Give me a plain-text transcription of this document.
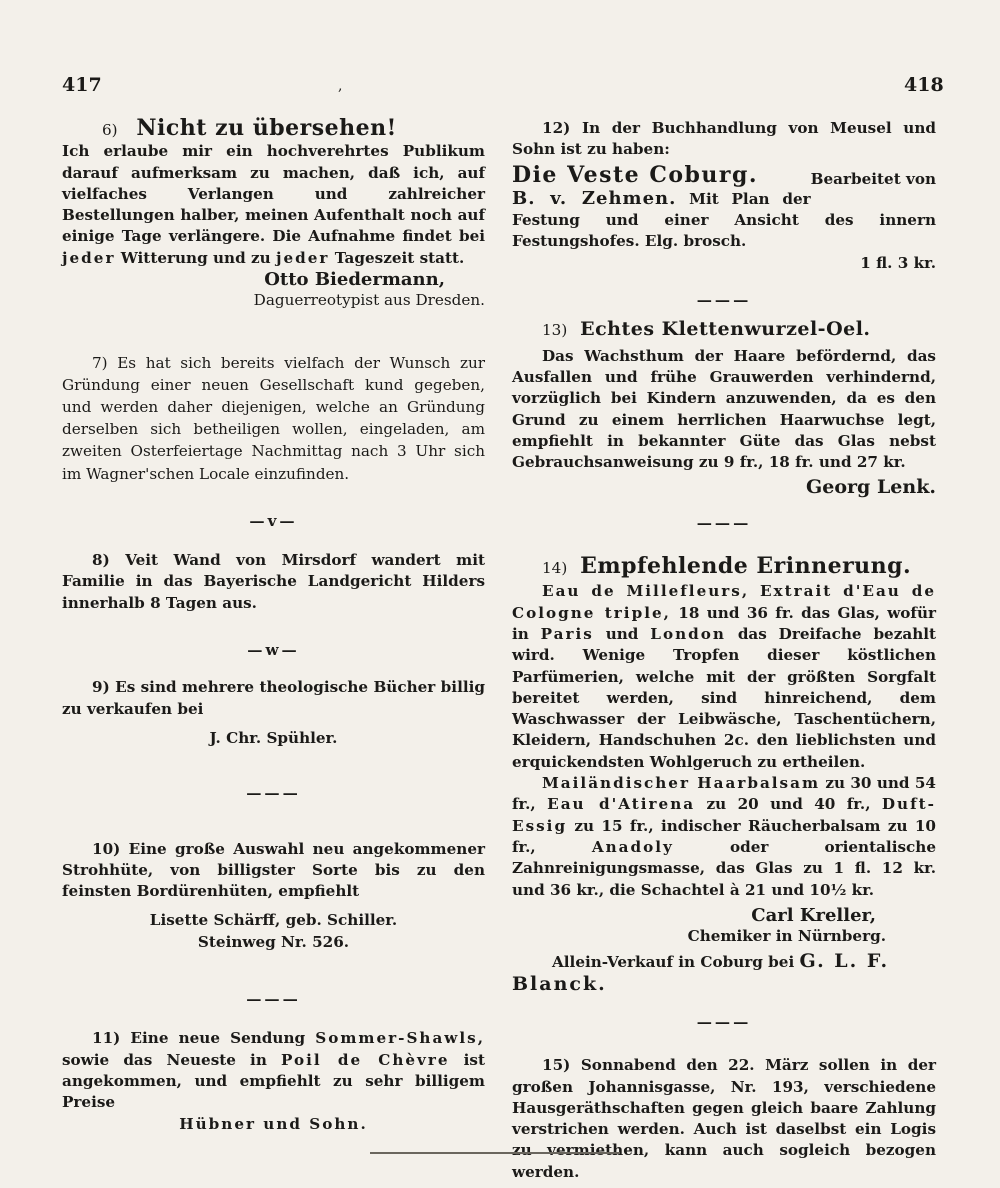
417	,	418

6) Nicht zu übersehen!

Ich erlaube mir ein hochverehrtes Publikum darauf aufmerksam zu machen, daß ich, auf vielfaches Verlangen und zahlreicher Bestellungen halber, meinen Aufenthalt noch auf einige Tage verlängere. Die Aufnahme findet bei jeder Witterung und zu jeder Tageszeit statt.

Otto Biedermann,

Daguerreotypist aus Dresden.

7) Es hat sich bereits vielfach der Wunsch zur Gründung einer neuen Gesellschaft kund gegeben, und werden daher diejenigen, welche an Gründung derselben sich betheiligen wollen, eingeladen, am zweiten Osterfeiertage Nachmittag nach 3 Uhr sich im Wagner'schen Locale einzufinden.

—v—

8) Veit Wand von Mirsdorf wandert mit Familie in das Bayerische Landgericht Hilders innerhalb 8 Tagen aus.

—w—

9) Es sind mehrere theologische Bücher billig zu verkaufen bei

J. Chr. Spühler.

———

10) Eine große Auswahl neu angekommener Strohhüte, von billigster Sorte bis zu den feinsten Bordürenhüten, empfiehlt

Lisette Schärff, geb. Schiller.

Steinweg Nr. 526.

———

11) Eine neue Sendung Sommer-Shawls, sowie das Neueste in Poil de Chèvre ist angekommen, und empfiehlt zu sehr billigem Preise

Hübner und Sohn.

12) In der Buchhandlung von Meusel und Sohn ist zu haben:

Die Veste Coburg.	Bearbeitet von

B. v. Zehmen. Mit Plan der Festung und einer Ansicht des innern Festungshofes. Elg. brosch.

1 fl. 3 kr.

———

13) Echtes Klettenwurzel-Oel.

Das Wachsthum der Haare befördernd, das Ausfallen und frühe Grauwerden verhindernd, vorzüglich bei Kindern anzuwenden, da es den Grund zu einem herrlichen Haarwuchse legt, empfiehlt in bekannter Güte das Glas nebst Gebrauchsanweisung zu 9 fr., 18 fr. und 27 kr.

Georg Lenk.

———

14) Empfehlende Erinnerung.

Eau de Millefleurs, Extrait d'Eau de Cologne triple, 18 und 36 fr. das Glas, wofür in Paris und London das Dreifache bezahlt wird. Wenige Tropfen dieser köstlichen Parfümerien, welche mit der größten Sorgfalt bereitet werden, sind hinreichend, dem Waschwasser der Leibwäsche, Taschentüchern, Kleidern, Handschuhen 2c. den lieblichsten und erquickendsten Wohlgeruch zu ertheilen.

Mailändischer Haarbalsam zu 30 und 54 fr., Eau d'Atirena zu 20 und 40 fr., Duft-Essig zu 15 fr., indischer Räucherbalsam zu 10 fr.,	Anadoly	oder orientalische Zahnreinigungsmasse, das Glas zu 1 fl. 12 kr. und 36 kr., die Schachtel à 21 und 10½ kr.

Carl Kreller,

Chemiker in Nürnberg.

Allein-Verkauf in Coburg bei G. L. F. Blanck.

———

15) Sonnabend den 22. März sollen in der großen Johannisgasse, Nr. 193, verschiedene Hausgeräthschaften gegen gleich baare Zahlung verstrichen werden. Auch ist daselbst ein Logis zu vermiethen, kann auch sogleich bezogen werden.
